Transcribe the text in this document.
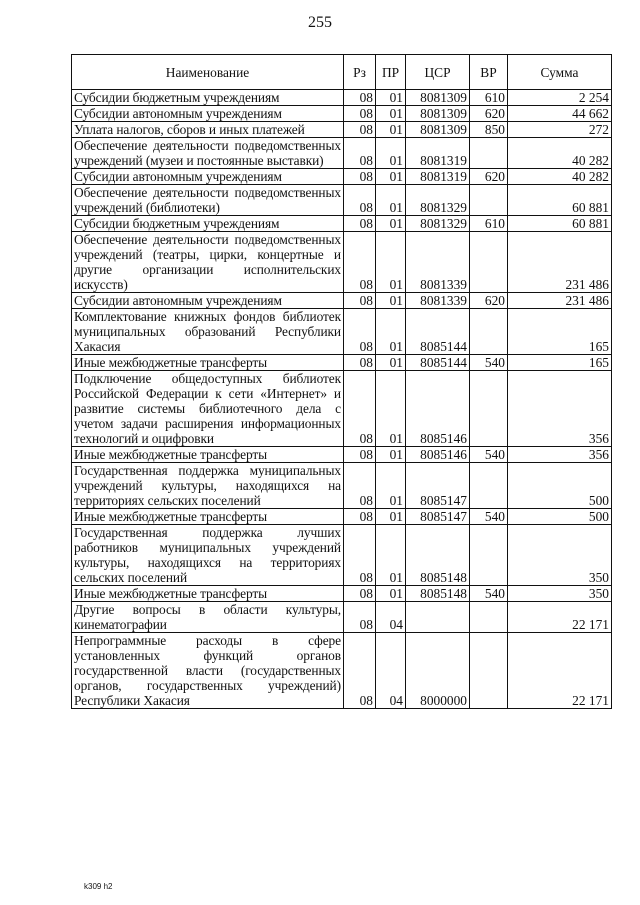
255
Наименование	Рз	ПР	ЦСР	ВР	Сумма
Субсидии бюджетным учреждениям	08	01	8081309	610	2 254
Субсидии автономным учреждениям	08	01	8081309	620	44 662
Уплата налогов, сборов и иных платежей	08	01	8081309	850	272
Обеспечение деятельности подведомственных учреждений (музеи и постоянные выставки)	08	01	8081319		40 282
Субсидии автономным учреждениям	08	01	8081319	620	40 282
Обеспечение деятельности подведомственных учреждений (библиотеки)	08	01	8081329		60 881
Субсидии бюджетным учреждениям	08	01	8081329	610	60 881
Обеспечение деятельности подведомственных учреждений (театры, цирки, концертные и другие организации исполнительских искусств)	08	01	8081339		231 486
Субсидии автономным учреждениям	08	01	8081339	620	231 486
Комплектование книжных фондов библиотек муниципальных образований Республики Хакасия	08	01	8085144		165
Иные межбюджетные трансферты	08	01	8085144	540	165
Подключение общедоступных библиотек Российской Федерации к сети «Интернет» и развитие системы библиотечного дела с учетом задачи расширения информационных технологий и оцифровки	08	01	8085146		356
Иные межбюджетные трансферты	08	01	8085146	540	356
Государственная поддержка муниципальных учреждений культуры, находящихся на территориях сельских поселений	08	01	8085147		500
Иные межбюджетные трансферты	08	01	8085147	540	500
Государственная поддержка лучших работников муниципальных учреждений культуры, находящихся на территориях сельских поселений	08	01	8085148		350
Иные межбюджетные трансферты	08	01	8085148	540	350
Другие вопросы в области культуры, кинематографии	08	04			22 171
Непрограммные расходы в сфере установленных функций органов государственной власти (государственных органов, государственных учреждений) Республики Хакасия	08	04	8000000		22 171
k309 h2
